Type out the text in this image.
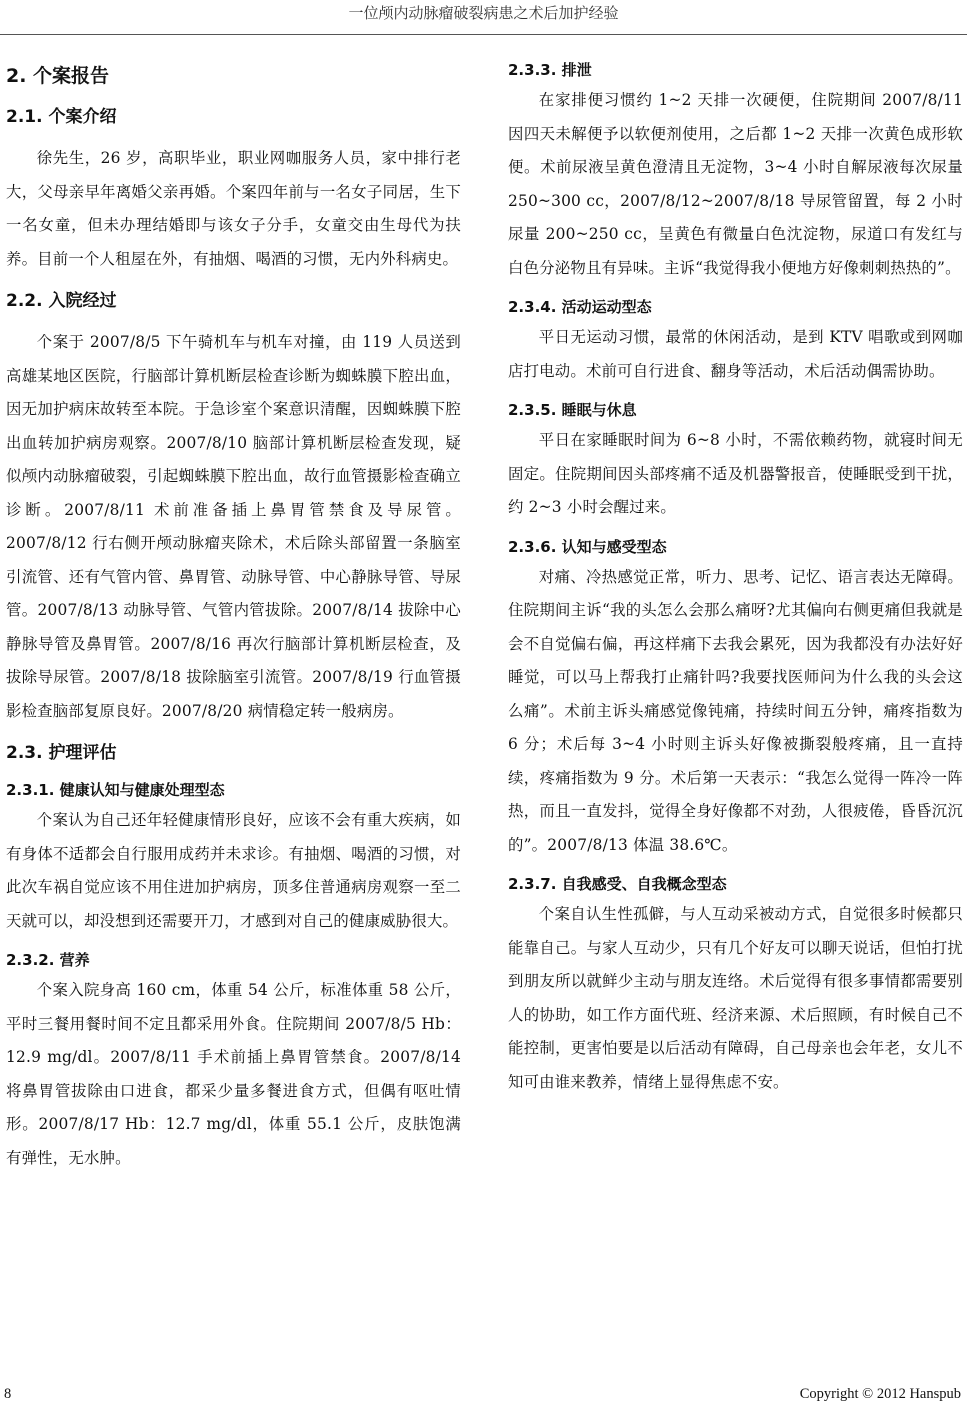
一位颅内动脉瘤破裂病患之术后加护经验
2. 个案报告
2.1. 个案介绍

徐先生，26 岁，高职毕业，职业网咖服务人员，家中排行老大，父母亲早年离婚父亲再婚。个案四年前与一名女子同居，生下一名女童，但未办理结婚即与该女子分手，女童交由生母代为扶养。目前一个人租屋在外，有抽烟、喝酒的习惯，无内外科病史。

2.2. 入院经过

个案于 2007/8/5 下午骑机车与机车对撞，由 119 人员送到高雄某地区医院，行脑部计算机断层检查诊断为蜘蛛膜下腔出血，因无加护病床故转至本院。于急诊室个案意识清醒，因蜘蛛膜下腔出血转加护病房观察。2007/8/10 脑部计算机断层检查发现，疑似颅内动脉瘤破裂，引起蜘蛛膜下腔出血，故行血管摄影检查确立诊断。2007/8/11 术前准备插上鼻胃管禁食及导尿管。2007/8/12 行右侧开颅动脉瘤夹除术，术后除头部留置一条脑室引流管、还有气管内管、鼻胃管、动脉导管、中心静脉导管、导尿管。2007/8/13 动脉导管、气管内管拔除。2007/8/14 拔除中心静脉导管及鼻胃管。2007/8/16 再次行脑部计算机断层检查，及拔除导尿管。2007/8/18 拔除脑室引流管。2007/8/19 行血管摄影检查脑部复原良好。2007/8/20 病情稳定转一般病房。

2.3. 护理评估
2.3.1. 健康认知与健康处理型态

个案认为自己还年轻健康情形良好，应该不会有重大疾病，如有身体不适都会自行服用成药并未求诊。有抽烟、喝酒的习惯，对此次车祸自觉应该不用住进加护病房，顶多住普通病房观察一至二天就可以，却没想到还需要开刀，才感到对自己的健康威胁很大。

2.3.2. 营养

个案入院身高 160 cm，体重 54 公斤，标准体重 58 公斤，平时三餐用餐时间不定且都采用外食。住院期间 2007/8/5 Hb：12.9 mg/dl。2007/8/11 手术前插上鼻胃管禁食。2007/8/14 将鼻胃管拔除由口进食，都采少量多餐进食方式，但偶有呕吐情形。2007/8/17 Hb：12.7 mg/dl，体重 55.1 公斤，皮肤饱满有弹性，无水肿。

2.3.3. 排泄

在家排便习惯约 1~2 天排一次硬便，住院期间 2007/8/11 因四天未解便予以软便剂使用，之后都 1~2 天排一次黄色成形软便。术前尿液呈黄色澄清且无淀物，3~4 小时自解尿液每次尿量 250~300 cc，2007/8/12~2007/8/18 导尿管留置，每 2 小时尿量 200~250 cc，呈黄色有微量白色沈淀物，尿道口有发红与白色分泌物且有异味。主诉“我觉得我小便地方好像刺刺热热的”。

2.3.4. 活动运动型态

平日无运动习惯，最常的休闲活动，是到 KTV 唱歌或到网咖店打电动。术前可自行进食、翻身等活动，术后活动偶需协助。

2.3.5. 睡眠与休息

平日在家睡眠时间为 6~8 小时，不需依赖药物，就寝时间无固定。住院期间因头部疼痛不适及机器警报音，使睡眠受到干扰，约 2~3 小时会醒过来。

2.3.6. 认知与感受型态

对痛、冷热感觉正常，听力、思考、记忆、语言表达无障碍。住院期间主诉“我的头怎么会那么痛呀?尤其偏向右侧更痛但我就是会不自觉偏右偏，再这样痛下去我会累死，因为我都没有办法好好睡觉，可以马上帮我打止痛针吗?我要找医师问为什么我的头会这么痛”。术前主诉头痛感觉像钝痛，持续时间五分钟，痛疼指数为 6 分；术后每 3~4 小时则主诉头好像被撕裂般疼痛，且一直持续，疼痛指数为 9 分。术后第一天表示：“我怎么觉得一阵冷一阵热，而且一直发抖，觉得全身好像都不对劲，人很疲倦，昏昏沉沉的”。2007/8/13 体温 38.6℃。

2.3.7. 自我感受、自我概念型态

个案自认生性孤僻，与人互动采被动方式，自觉很多时候都只能靠自己。与家人互动少，只有几个好友可以聊天说话，但怕打扰到朋友所以就鲜少主动与朋友连络。术后觉得有很多事情都需要别人的协助，如工作方面代班、经济来源、术后照顾，有时候自己不能控制，更害怕要是以后活动有障碍，自己母亲也会年老，女儿不知可由谁来教养，情绪上显得焦虑不安。

8	Copyright © 2012 Hanspub
